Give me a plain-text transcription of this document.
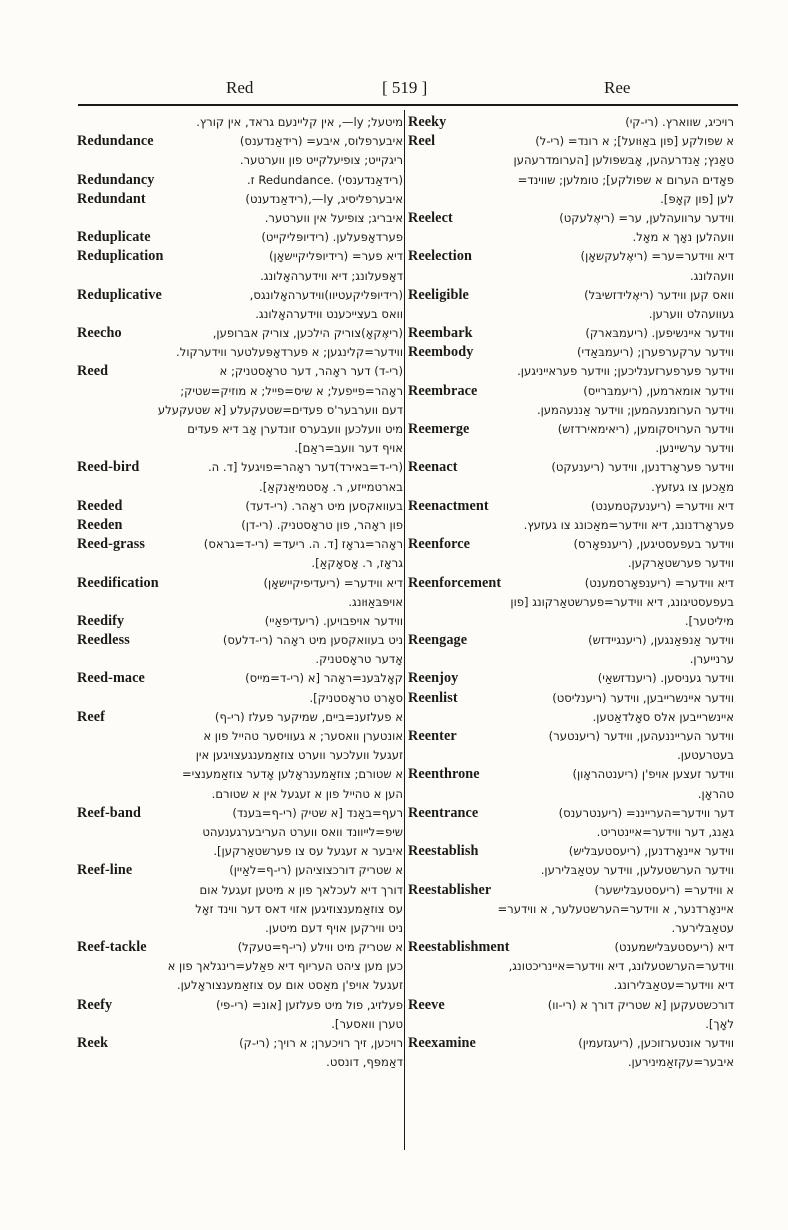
Red	[ 519 ]	Ree
מיטעל; ly—, אין קליינעם גראד, אין קורץ.
Redundance	איבערפלוס, איבע= (רידאַנדענס)
ריגקייט; צופיעלקייט פון ווערטער.
Redundancy	(רידאַנדענסי) .Redundance ז.
Redundant	איבערפליסיג, ly—,(רידאַנדענט)
איבריג; צופיעל אין ווערטער.
Reduplicate	פערדאָפּעלען. (רידיופּליקייט)
Reduplication	דיא פער= (רידיופּליקיישאָן)
דאָפּעלונג; דיא ווידערהאָלונג.
Reduplicative	(רידיופּליקעטיוו)ווידערהאָלונגס,
וואס בעצייכענט ווידערהאָלונג.
Reecho	(ריאֶקאָ)צוריק הילכען, צוריק אבּרופען,
ווידער=קלינגען; א פערדאָפּעלטער ווידערקול.
Reed	(רי-ד) דער ראָהר, דער טראָסטניק; א
ראָהר=פייפעל; א שיס=פייל; א מוזיק=שטיק;
דעם ווערבער'ס פעדים=שטעקעלע [א שטעקעלע
מיט וועלכען וועבערס זונדערן אָב דיא פעדים
אויף דער וועב=ראַם].
Reed-bird	(רי-ד=באירד)דער ראָהר=פויגעל [ד. ה.
בארטמייזע, ר. אָסטמיאַנקאַ].
Reeded	בעוואקסען מיט ראָהר. (רי-דעד)
Reeden	פון ראָהר, פון טראָסטניק. (רי-דן)
Reed-grass	ראָהר=גראָז [ד. ה. ריעד= (רי-ד=גראס)
גראָז, ר. אָסאָקאַ].
Reedification	דיא ווידער= (ריעדיפיקיישאָן)
אויפּבּאַוּונג.
Reedify	ווידער אויפבויען. (ריעדיפאַיי)
Reedless	ניט בעוואקסען מיט ראָהר (רי-דלעס)
אָדער טראָסטניק.
Reed-mace	קאָלבּענ=ראָהר [א (רי-ד=מייס)
סאָרט טראָסטניק].
Reef	א פעלזענ=ביים, שמיקער פעלז (רי-ף)
אונטערן וואסער; א געוויסער טהייל פון א
זעגעל וועלכער ווערט צוזאַמענגעצויגען אין
א שטורם; צוזאַמענראָלען אָדער צוזאַמענצי=
הען א טהייל פון א זעגעל אין א שטורם.
Reef-band	רעף=באַנד [א שטיק (רי-ף=בּענד)
שיפ=לייוונד וואס ווערט העריבערגענעהט
איבער א זעגעל עס צו פערשטאַרקען].
Reef-line	א שטריק דורכצוציהען (רי-ף=לאַיין)
דורך דיא לעכלאך פון א מיטען זעגעל אום
עס צוזאַמענצוזיגען אזוי דאס דער ווינד זאָל
ניט ווירקען אויף דעם מיטען.
Reef-tackle	א שטריק מיט ווילע (רי-ף=טעקל)
כען מען ציהט העריוף דיא פאַלע=רינגלאך פון א
זעגעל אויפ'ן מאַסט אום עס צוזאַמענצוראָלען.
Reefy	פעלזיג, פול מיט פעלזען [אונ= (רי-פי)
טערן וואסער].
Reek	רויכען, זיך רויכערן; א רויך; (רי-ק)
דאַמפּף, דונסט.
Reeky	רויכיג, שווארץ. (רי-קי)
Reel	א שפולקע [פון באַוּועל]; א רונד= (רי-ל)
טאַנץ; אַנדרעהען, אָבּשפּולען [הערומדרעהען
פאָדים הערום א שפולקע]; טומלען; שווינד=
לען [פון קאָפּ].
Reelect	ווידער ערוועהלען, ער= (ריאֶלעקט)
וועהלען נאָך א מאָל.
Reelection	דיא ווידער=ער= (ריאֶלעקשאָן)
וועהלונג.
Reeligible	וואס קען ווידער (ריאֶלידזשיבּל)
געוועהלט ווערען.
Reembark	ווידער איינשיפען. (ריעמבּארק)
Reembody	ווידער ערקערפערן; (ריעמבּאַדי)
ווידער פערפערזענליכען; ווידער פעראייניגען.
Reembrace	ווידער אומארמען, (ריעמבּרייס)
ווידער הערומנעהמען; ווידער אַננעהמען.
Reemerge	ווידער הערויסקומען, (ריאימאירדזש)
ווידער ערשיינען.
Reenact	ווידער פעראָרדנען, ווידער (ריענעקט)
מאַכען צו געזעץ.
Reenactment	דיא ווידער= (ריענעקטמענט)
פעראָרדנונג, דיא ווידער=מאַכונג צו געזעץ.
Reenforce	ווידער בעפעסטיגען, (ריענפאָרס)
ווידער פערשטאַרקען.
Reenforcement	דיא ווידער= (ריענפאָרסמענט)
בעפעסטיגונג, דיא ווידער=פערשטאַרקונג [פון
מיליטער].
Reengage	ווידער אַנפּאַנגען, (ריענגיידזש)
ערנייערן.
Reenjoy	ווידער געניסען. (ריענדזשאַי)
Reenlist	ווידער איינשרייבען, ווידער (ריענליסט)
איינשרייבען אלס סאָלדאַטען.
Reenter	ווידער הערייננעהען, ווידער (ריענטער)
בעטרעטען.
Reenthrone	ווידער זעצען אויפ'ן (ריענטהראָון)
טהראָן.
Reentrance	דער ווידער=הערייננ= (ריענטרענס)
גאַנג, דער ווידער=איינטריט.
Reestablish	ווידער איינאָרדנען, (ריעסטעבּליש)
ווידער הערשטעלען, ווידער עטאַבּלירען.
Reestablisher	א ווידער= (ריעסטעבּלישער)
איינאָרדנער, א ווידער=הערשטעלער, א ווידער=
עטאַבּלירער.
Reestablishment	דיא (ריעסטעבּלישמענט)
ווידער=הערשטעלונג, דיא ווידער=איינריכטונג,
דיא ווידער=עטאַבּלירונג.
Reeve	דורכשטעקען [א שטריק דורך א (רי-וו)
לאָך].
Reexamine	ווידער אונטערזוכען, (ריעגזעמין)
איבער=עקזאַמינירען.
